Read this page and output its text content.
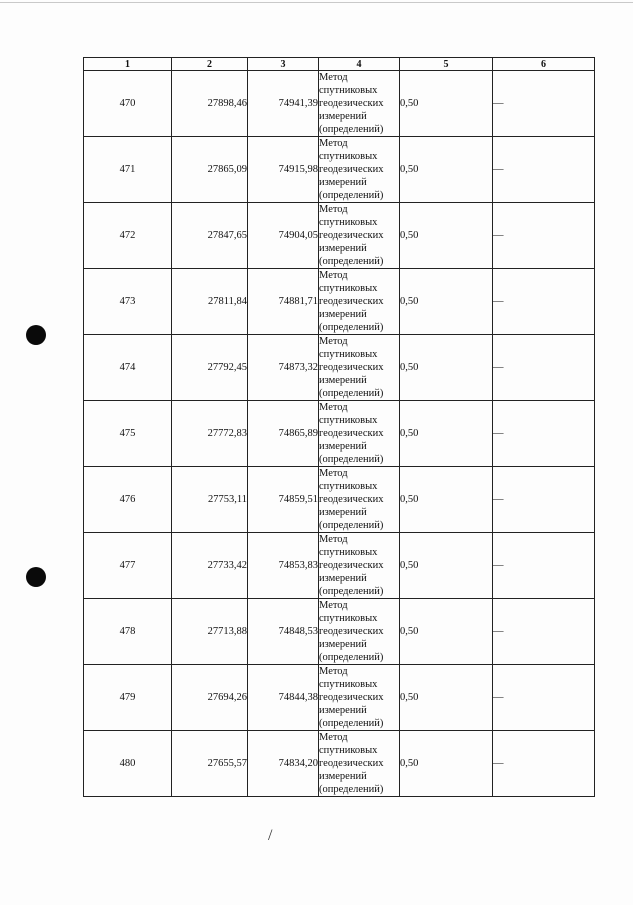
1	2	3	4	5	6
470	27898,46	74941,39	Метод
спутниковых
геодезических
измерений
(определений)	0,50	—
471	27865,09	74915,98	Метод
спутниковых
геодезических
измерений
(определений)	0,50	—
472	27847,65	74904,05	Метод
спутниковых
геодезических
измерений
(определений)	0,50	—
473	27811,84	74881,71	Метод
спутниковых
геодезических
измерений
(определений)	0,50	—
474	27792,45	74873,32	Метод
спутниковых
геодезических
измерений
(определений)	0,50	—
475	27772,83	74865,89	Метод
спутниковых
геодезических
измерений
(определений)	0,50	—
476	27753,11	74859,51	Метод
спутниковых
геодезических
измерений
(определений)	0,50	—
477	27733,42	74853,83	Метод
спутниковых
геодезических
измерений
(определений)	0,50	—
478	27713,88	74848,53	Метод
спутниковых
геодезических
измерений
(определений)	0,50	—
479	27694,26	74844,38	Метод
спутниковых
геодезических
измерений
(определений)	0,50	—
480	27655,57	74834,20	Метод
спутниковых
геодезических
измерений
(определений)	0,50	—
/
